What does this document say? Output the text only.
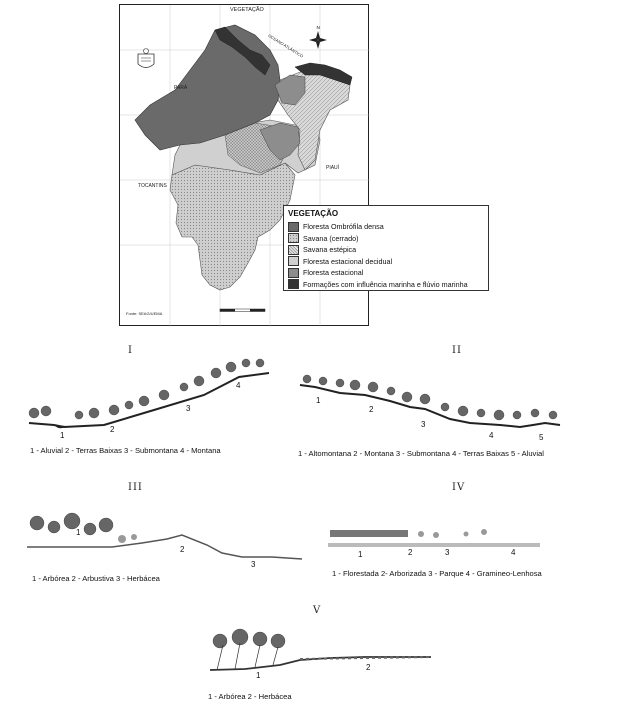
N
VEGETAÇÃO
PARÁ
OCEANO ATLÂNTICO
PIAUÍ
TOCANTINS
Fonte: SEAG/UEMA
VEGETAÇÃO
Floresta Ombrófila densa
Savana (cerrado)
Savana estépica
Floresta estacional decidual
Floresta estacional
Formações com influência marinha e flúvio marinha
I
1
2
3
4
1 - Aluvial 2 - Terras Baixas 3 - Submontana 4 - Montana
II
1
2
3
4	5
1 - Altomontana 2 - Montana 3 - Submontana 4 - Terras Baixas 5 - Aluvial
III
1
2
3
1 - Arbórea 2 - Arbustiva 3 - Herbácea
IV
1	2	3	4
1 - Florestada 2- Arborizada 3 - Parque 4 - Gramineo-Lenhosa
V
1
2
1 - Arbórea 2 - Herbácea
